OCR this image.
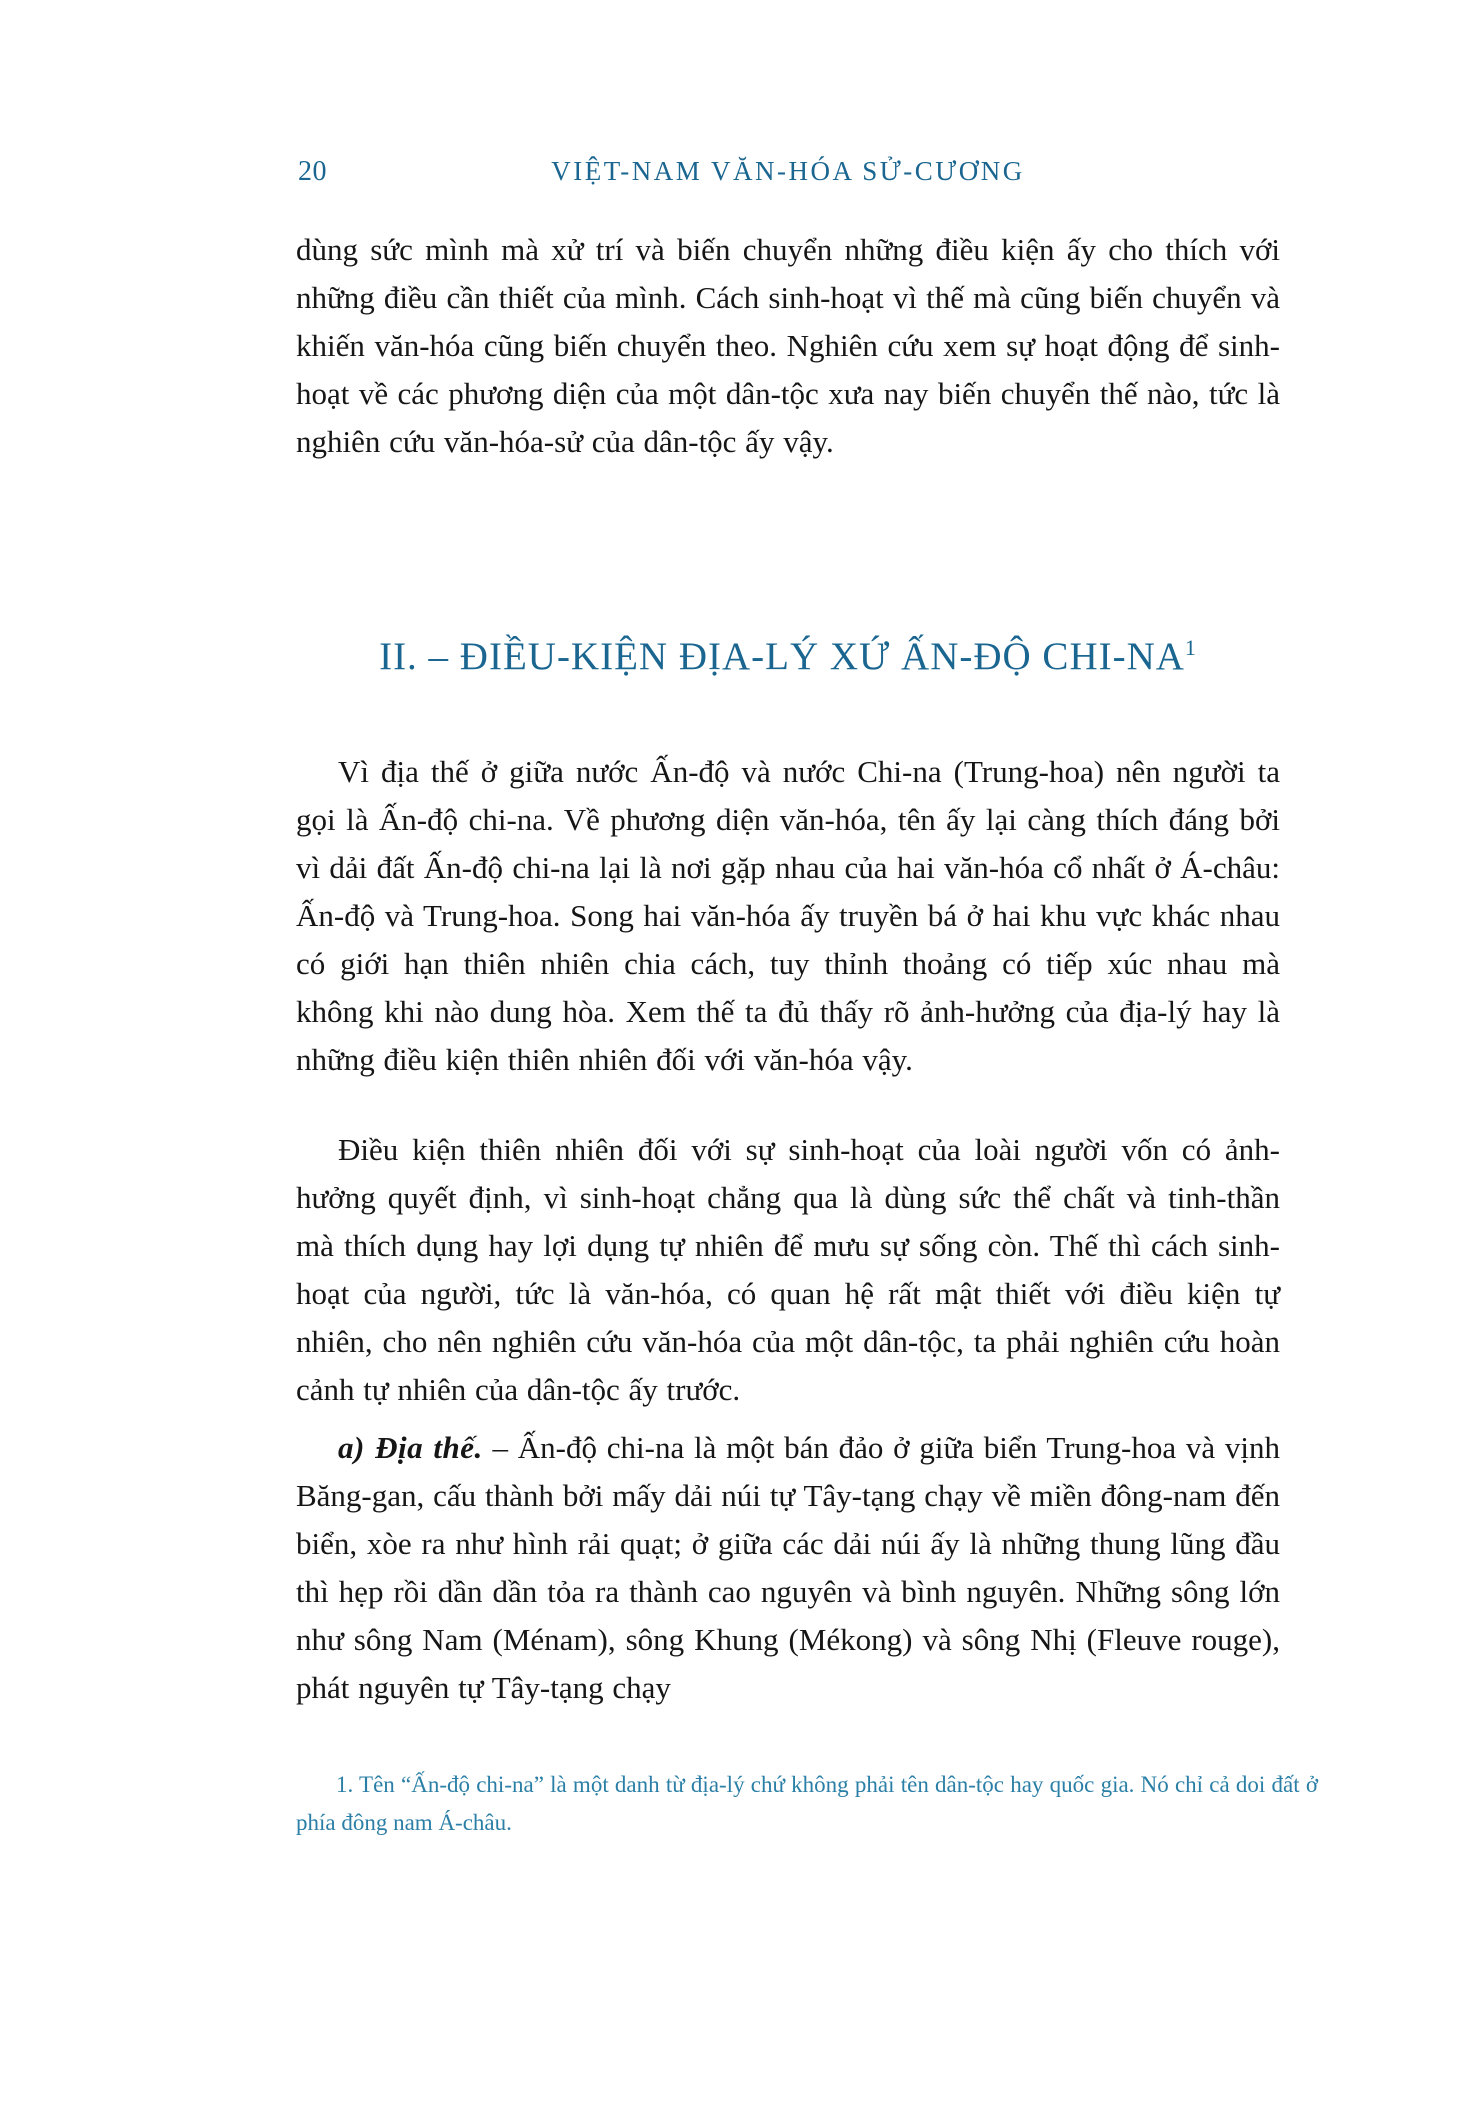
20	VIỆT-NAM VĂN-HÓA SỬ-CƯƠNG

dùng sức mình mà xử trí và biến chuyển những điều kiện ấy cho thích với những điều cần thiết của mình. Cách sinh-hoạt vì thế mà cũng biến chuyển và khiến văn-hóa cũng biến chuyển theo. Nghiên cứu xem sự hoạt động để sinh-hoạt về các phương diện của một dân-tộc xưa nay biến chuyển thế nào, tức là nghiên cứu văn-hóa-sử của dân-tộc ấy vậy.

II. – ĐIỀU-KIỆN ĐỊA-LÝ XỨ ẤN-ĐỘ CHI-$NA^1$

Vì địa thế ở giữa nước Ấn-độ và nước Chi-na (Trung-hoa) nên người ta gọi là Ấn-độ chi-na. Về phương diện văn-hóa, tên ấy lại càng thích đáng bởi vì dải đất Ấn-độ chi-na lại là nơi gặp nhau của hai văn-hóa cổ nhất ở Á-châu: Ấn-độ và Trung-hoa. Song hai văn-hóa ấy truyền bá ở hai khu vực khác nhau có giới hạn thiên nhiên chia cách, tuy thỉnh thoảng có tiếp xúc nhau mà không khi nào dung hòa. Xem thế ta đủ thấy rõ ảnh-hưởng của địa-lý hay là những điều kiện thiên nhiên đối với văn-hóa vậy.

Điều kiện thiên nhiên đối với sự sinh-hoạt của loài người vốn có ảnh-hưởng quyết định, vì sinh-hoạt chẳng qua là dùng sức thể chất và tinh-thần mà thích dụng hay lợi dụng tự nhiên để mưu sự sống còn. Thế thì cách sinh-hoạt của người, tức là văn-hóa, có quan hệ rất mật thiết với điều kiện tự nhiên, cho nên nghiên cứu văn-hóa của một dân-tộc, ta phải nghiên cứu hoàn cảnh tự nhiên của dân-tộc ấy trước.

a) Địa thế. – Ấn-độ chi-na là một bán đảo ở giữa biển Trung-hoa và vịnh Băng-gan, cấu thành bởi mấy dải núi tự Tây-tạng chạy về miền đông-nam đến biển, xòe ra như hình rải quạt; ở giữa các dải núi ấy là những thung lũng đầu thì hẹp rồi dần dần tỏa ra thành cao nguyên và bình nguyên. Những sông lớn như sông Nam (Ménam), sông Khung (Mékong) và sông Nhị (Fleuve rouge), phát nguyên tự Tây-tạng chạy

1. Tên “Ấn-độ chi-na” là một danh từ địa-lý chứ không phải tên dân-tộc hay quốc gia. Nó chỉ cả doi đất ở phía đông nam Á-châu.
